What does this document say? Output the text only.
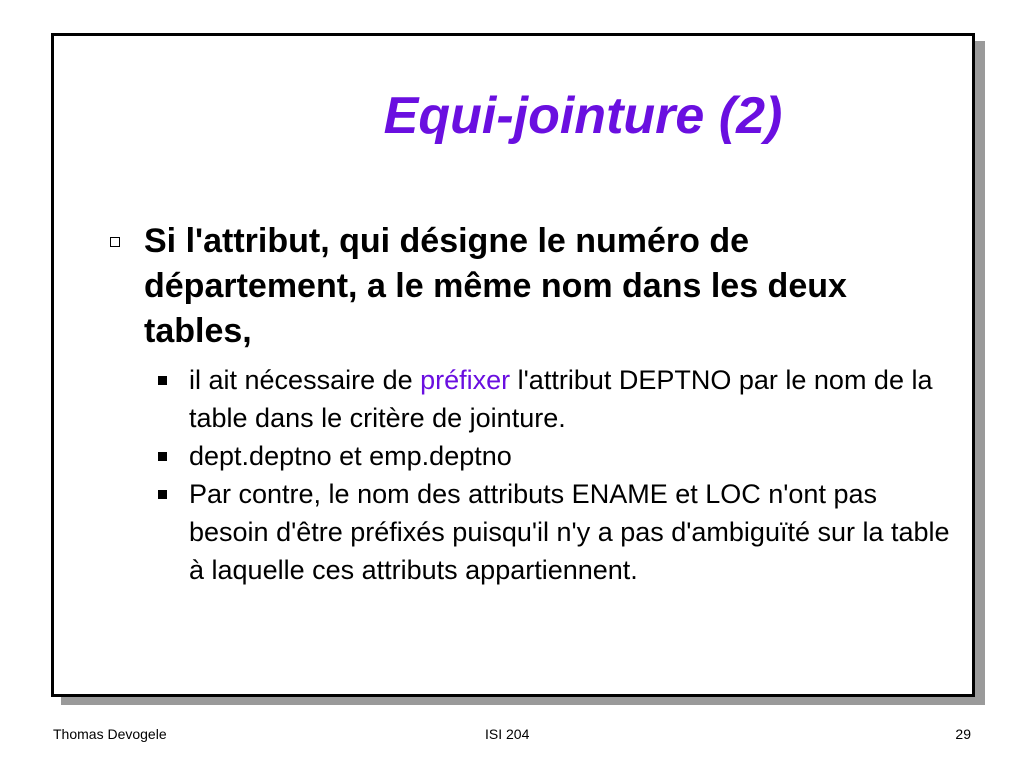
Equi-jointure (2)
Si l'attribut, qui désigne le numéro de département, a le même nom dans les deux tables,
il ait nécessaire de préfixer l'attribut DEPTNO par le nom de la table dans le critère de jointure.
dept.deptno et emp.deptno
Par contre, le nom des attributs ENAME et LOC n'ont pas besoin d'être préfixés puisqu'il n'y a pas d'ambiguïté sur la table à laquelle ces attributs appartiennent.
Thomas Devogele	ISI 204	29
